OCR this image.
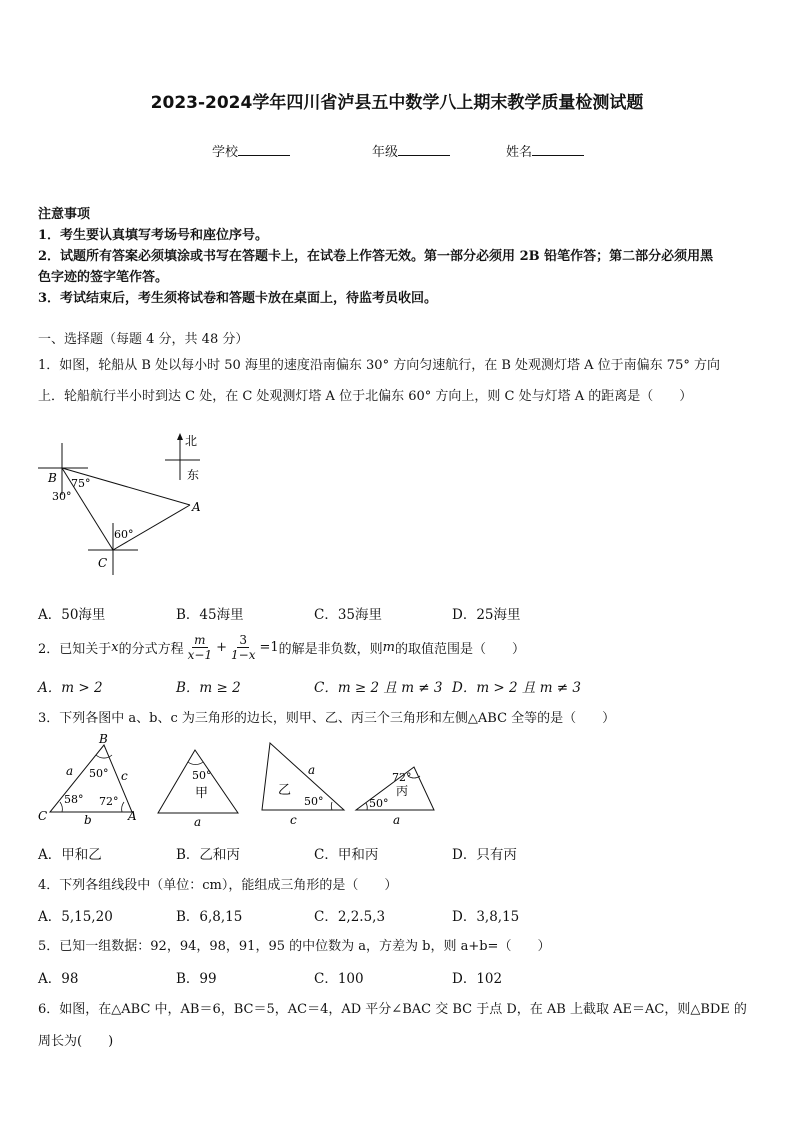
2023-2024学年四川省泸县五中数学八上期末教学质量检测试题
学校	年级	姓名
注意事项
1．考生要认真填写考场号和座位序号。
2．试题所有答案必须填涂或书写在答题卡上，在试卷上作答无效。第一部分必须用 2B 铅笔作答；第二部分必须用黑
色字迹的签字笔作答。
3．考试结束后，考生须将试卷和答题卡放在桌面上，待监考员收回。
一、选择题（每题 4 分，共 48 分）
1．如图，轮船从 B 处以每小时 50 海里的速度沿南偏东 30° 方向匀速航行，在 B 处观测灯塔 A 位于南偏东 75° 方向
上．轮船航行半小时到达 C 处，在 C 处观测灯塔 A 位于北偏东 60° 方向上，则 C 处与灯塔 A 的距离是（　　）
北
东
B
A
C
75°
30°
60°
A．50海里	B．45海里	C．35海里	D．25海里
2．已知关于 x 的分式方程 $\frac{m}{x-1} + \frac{3}{1-x} =1$ 的解是非负数，则 m 的取值范围是（　　）
A．m > 2	B．m ≥ 2	C．m ≥ 2 且 m ≠ 3 D．m > 2 且 m ≠ 3
3．下列各图中 a、b、c 为三角形的边长，则甲、乙、丙三个三角形和左侧△ABC 全等的是（　　）
B
C	A
a
b
c
50°
58° 72°
50°
甲
a
乙
50°
a
c
72°
丙
50°
a
A．甲和乙	B．乙和丙	C．甲和丙	D．只有丙
4．下列各组线段中（单位：cm），能组成三角形的是（　　）
A．5,15,20	B．6,8,15	C．2,2.5,3	D．3,8,15
5．已知一组数据：92，94，98，91，95 的中位数为 a，方差为 b，则 a+b=（　　）
A．98	B．99	C．100	D．102
6．如图，在△ABC 中，AB＝6，BC＝5，AC＝4，AD 平分∠BAC 交 BC 于点 D，在 AB 上截取 AE＝AC，则△BDE 的
周长为(　　)
